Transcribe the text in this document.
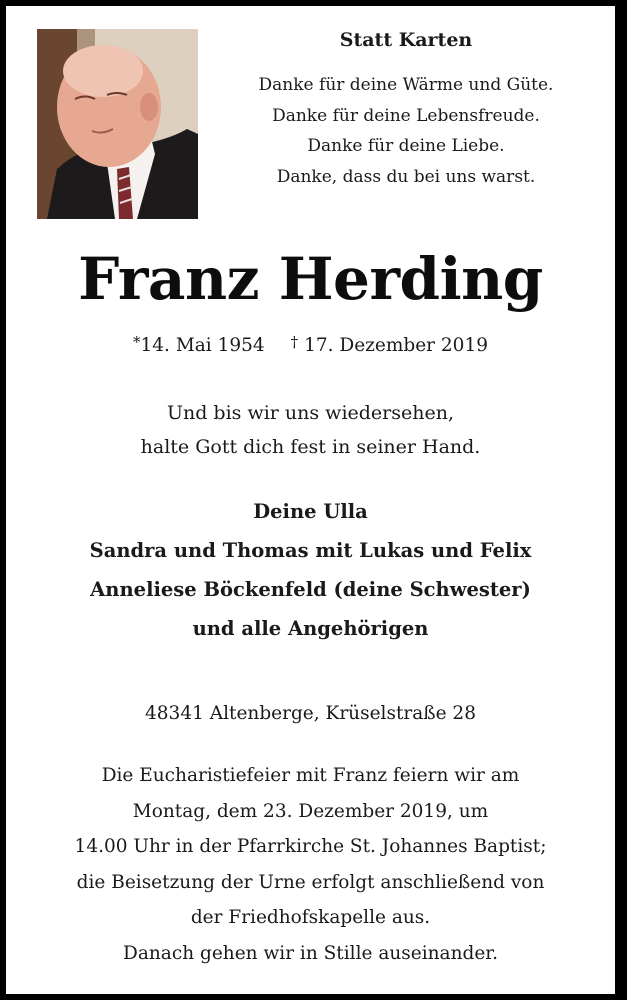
Statt Karten

Danke für deine Wärme und Güte.
Danke für deine Lebensfreude.
Danke für deine Liebe.
Danke, dass du bei uns warst.
Franz Herding
*14. Mai 1954 † 17. Dezember 2019
Und bis wir uns wiedersehen,
halte Gott dich fest in seiner Hand.
Deine Ulla
Sandra und Thomas mit Lukas und Felix
Anneliese Böckenfeld (deine Schwester)
und alle Angehörigen
48341 Altenberge, Krüselstraße 28
Die Eucharistiefeier mit Franz feiern wir am
Montag, dem 23. Dezember 2019, um
14.00 Uhr in der Pfarrkirche St. Johannes Baptist;
die Beisetzung der Urne erfolgt anschließend von
der Friedhofskapelle aus.
Danach gehen wir in Stille auseinander.
